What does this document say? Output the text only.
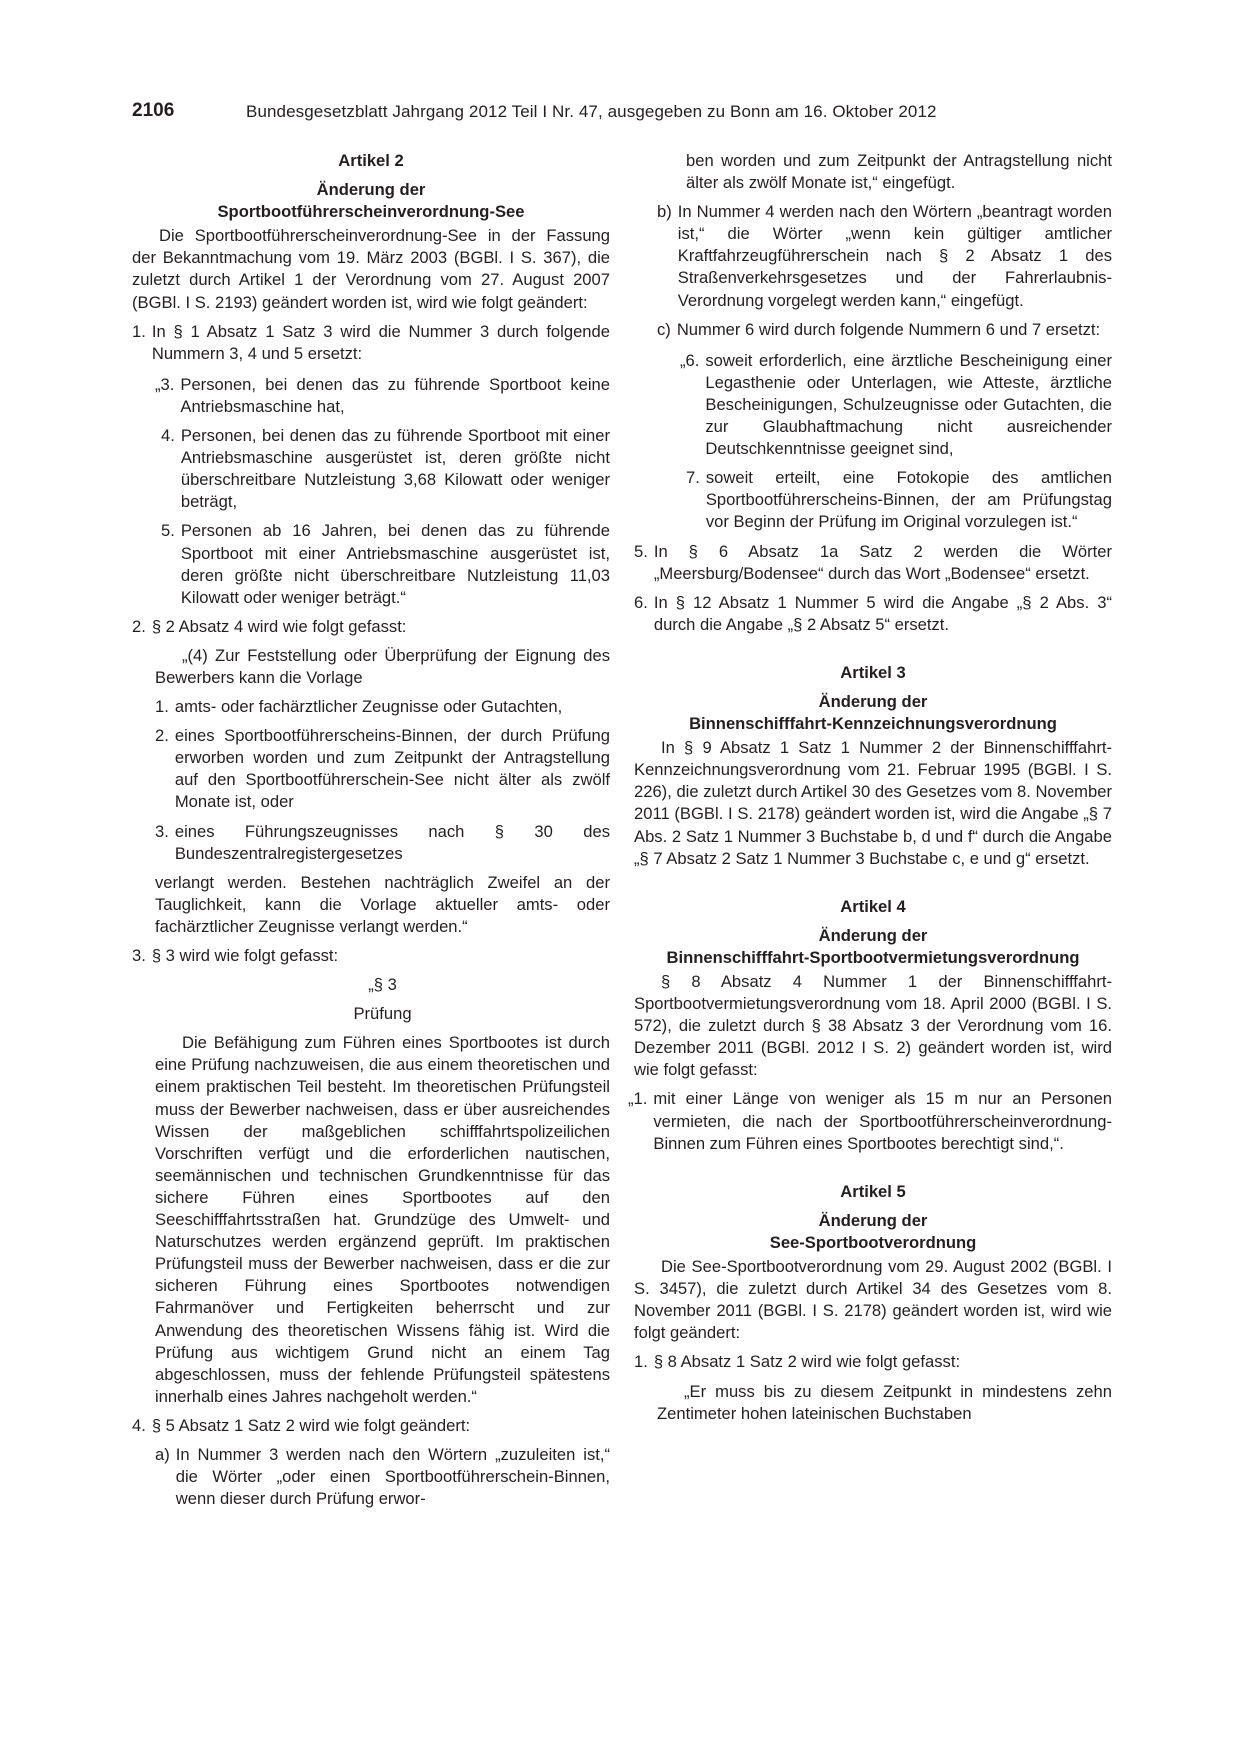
2106	Bundesgesetzblatt Jahrgang 2012 Teil I Nr. 47, ausgegeben zu Bonn am 16. Oktober 2012

Artikel 2

Änderung der

Sportbootführerscheinverordnung-See

Die Sportbootführerscheinverordnung-See in der Fassung der Bekanntmachung vom 19. März 2003 (BGBl. I S. 367), die zuletzt durch Artikel 1 der Verordnung vom 27. August 2007 (BGBl. I S. 2193) geändert worden ist, wird wie folgt geändert:

1. In § 1 Absatz 1 Satz 3 wird die Nummer 3 durch folgende Nummern 3, 4 und 5 ersetzt:
„3. Personen, bei denen das zu führende Sportboot keine Antriebsmaschine hat,
4. Personen, bei denen das zu führende Sportboot mit einer Antriebsmaschine ausgerüstet ist, deren größte nicht überschreitbare Nutzleistung 3,68 Kilowatt oder weniger beträgt,
5. Personen ab 16 Jahren, bei denen das zu führende Sportboot mit einer Antriebsmaschine ausgerüstet ist, deren größte nicht überschreitbare Nutzleistung 11,03 Kilowatt oder weniger beträgt.“
2. § 2 Absatz 4 wird wie folgt gefasst:

„(4) Zur Feststellung oder Überprüfung der Eignung des Bewerbers kann die Vorlage

1. amts- oder fachärztlicher Zeugnisse oder Gutachten,
2. eines Sportbootführerscheins-Binnen, der durch Prüfung erworben worden und zum Zeitpunkt der Antragstellung auf den Sportbootführerschein-See nicht älter als zwölf Monate ist, oder
3. eines Führungszeugnisses nach § 30 des Bundeszentralregistergesetzes

verlangt werden. Bestehen nachträglich Zweifel an der Tauglichkeit, kann die Vorlage aktueller amts- oder fachärztlicher Zeugnisse verlangt werden.“

3. § 3 wird wie folgt gefasst:

„§ 3

Prüfung

Die Befähigung zum Führen eines Sportbootes ist durch eine Prüfung nachzuweisen, die aus einem theoretischen und einem praktischen Teil besteht. Im theoretischen Prüfungsteil muss der Bewerber nachweisen, dass er über ausreichendes Wissen der maßgeblichen schifffahrtspolizeilichen Vorschriften verfügt und die erforderlichen nautischen, seemännischen und technischen Grundkenntnisse für das sichere Führen eines Sportbootes auf den Seeschifffahrtsstraßen hat. Grundzüge des Umwelt- und Naturschutzes werden ergänzend geprüft. Im praktischen Prüfungsteil muss der Bewerber nachweisen, dass er die zur sicheren Führung eines Sportbootes notwendigen Fahrmanöver und Fertigkeiten beherrscht und zur Anwendung des theoretischen Wissens fähig ist. Wird die Prüfung aus wichtigem Grund nicht an einem Tag abgeschlossen, muss der fehlende Prüfungsteil spätestens innerhalb eines Jahres nachgeholt werden.“

4. § 5 Absatz 1 Satz 2 wird wie folgt geändert:
a) In Nummer 3 werden nach den Wörtern „zuzuleiten ist,“ die Wörter „oder einen Sportbootführerschein-Binnen, wenn dieser durch Prüfung erwor-

ben worden und zum Zeitpunkt der Antragstellung nicht älter als zwölf Monate ist,“ eingefügt.

b) In Nummer 4 werden nach den Wörtern „beantragt worden ist,“ die Wörter „wenn kein gültiger amtlicher Kraftfahrzeugführerschein nach § 2 Absatz 1 des Straßenverkehrsgesetzes und der Fahrerlaubnis-Verordnung vorgelegt werden kann,“ eingefügt.
c) Nummer 6 wird durch folgende Nummern 6 und 7 ersetzt:
„6. soweit erforderlich, eine ärztliche Bescheinigung einer Legasthenie oder Unterlagen, wie Atteste, ärztliche Bescheinigungen, Schulzeugnisse oder Gutachten, die zur Glaubhaftmachung nicht ausreichender Deutschkenntnisse geeignet sind,
7. soweit erteilt, eine Fotokopie des amtlichen Sportbootführerscheins-Binnen, der am Prüfungstag vor Beginn der Prüfung im Original vorzulegen ist.“
5. In § 6 Absatz 1a Satz 2 werden die Wörter „Meersburg/Bodensee“ durch das Wort „Bodensee“ ersetzt.
6. In § 12 Absatz 1 Nummer 5 wird die Angabe „§ 2 Abs. 3“ durch die Angabe „§ 2 Absatz 5“ ersetzt.

Artikel 3

Änderung der

Binnenschifffahrt-Kennzeichnungsverordnung

In § 9 Absatz 1 Satz 1 Nummer 2 der Binnenschifffahrt-Kennzeichnungsverordnung vom 21. Februar 1995 (BGBl. I S. 226), die zuletzt durch Artikel 30 des Gesetzes vom 8. November 2011 (BGBl. I S. 2178) geändert worden ist, wird die Angabe „§ 7 Abs. 2 Satz 1 Nummer 3 Buchstabe b, d und f“ durch die Angabe „§ 7 Absatz 2 Satz 1 Nummer 3 Buchstabe c, e und g“ ersetzt.

Artikel 4

Änderung der

Binnenschifffahrt-Sportbootvermietungsverordnung

§ 8 Absatz 4 Nummer 1 der Binnenschifffahrt-Sportbootvermietungsverordnung vom 18. April 2000 (BGBl. I S. 572), die zuletzt durch § 38 Absatz 3 der Verordnung vom 16. Dezember 2011 (BGBl. 2012 I S. 2) geändert worden ist, wird wie folgt gefasst:

„1. mit einer Länge von weniger als 15 m nur an Personen vermieten, die nach der Sportbootführerscheinverordnung-Binnen zum Führen eines Sportbootes berechtigt sind,“.

Artikel 5

Änderung der

See-Sportbootverordnung

Die See-Sportbootverordnung vom 29. August 2002 (BGBl. I S. 3457), die zuletzt durch Artikel 34 des Gesetzes vom 8. November 2011 (BGBl. I S. 2178) geändert worden ist, wird wie folgt geändert:

1. § 8 Absatz 1 Satz 2 wird wie folgt gefasst:

„Er muss bis zu diesem Zeitpunkt in mindestens zehn Zentimeter hohen lateinischen Buchstaben
